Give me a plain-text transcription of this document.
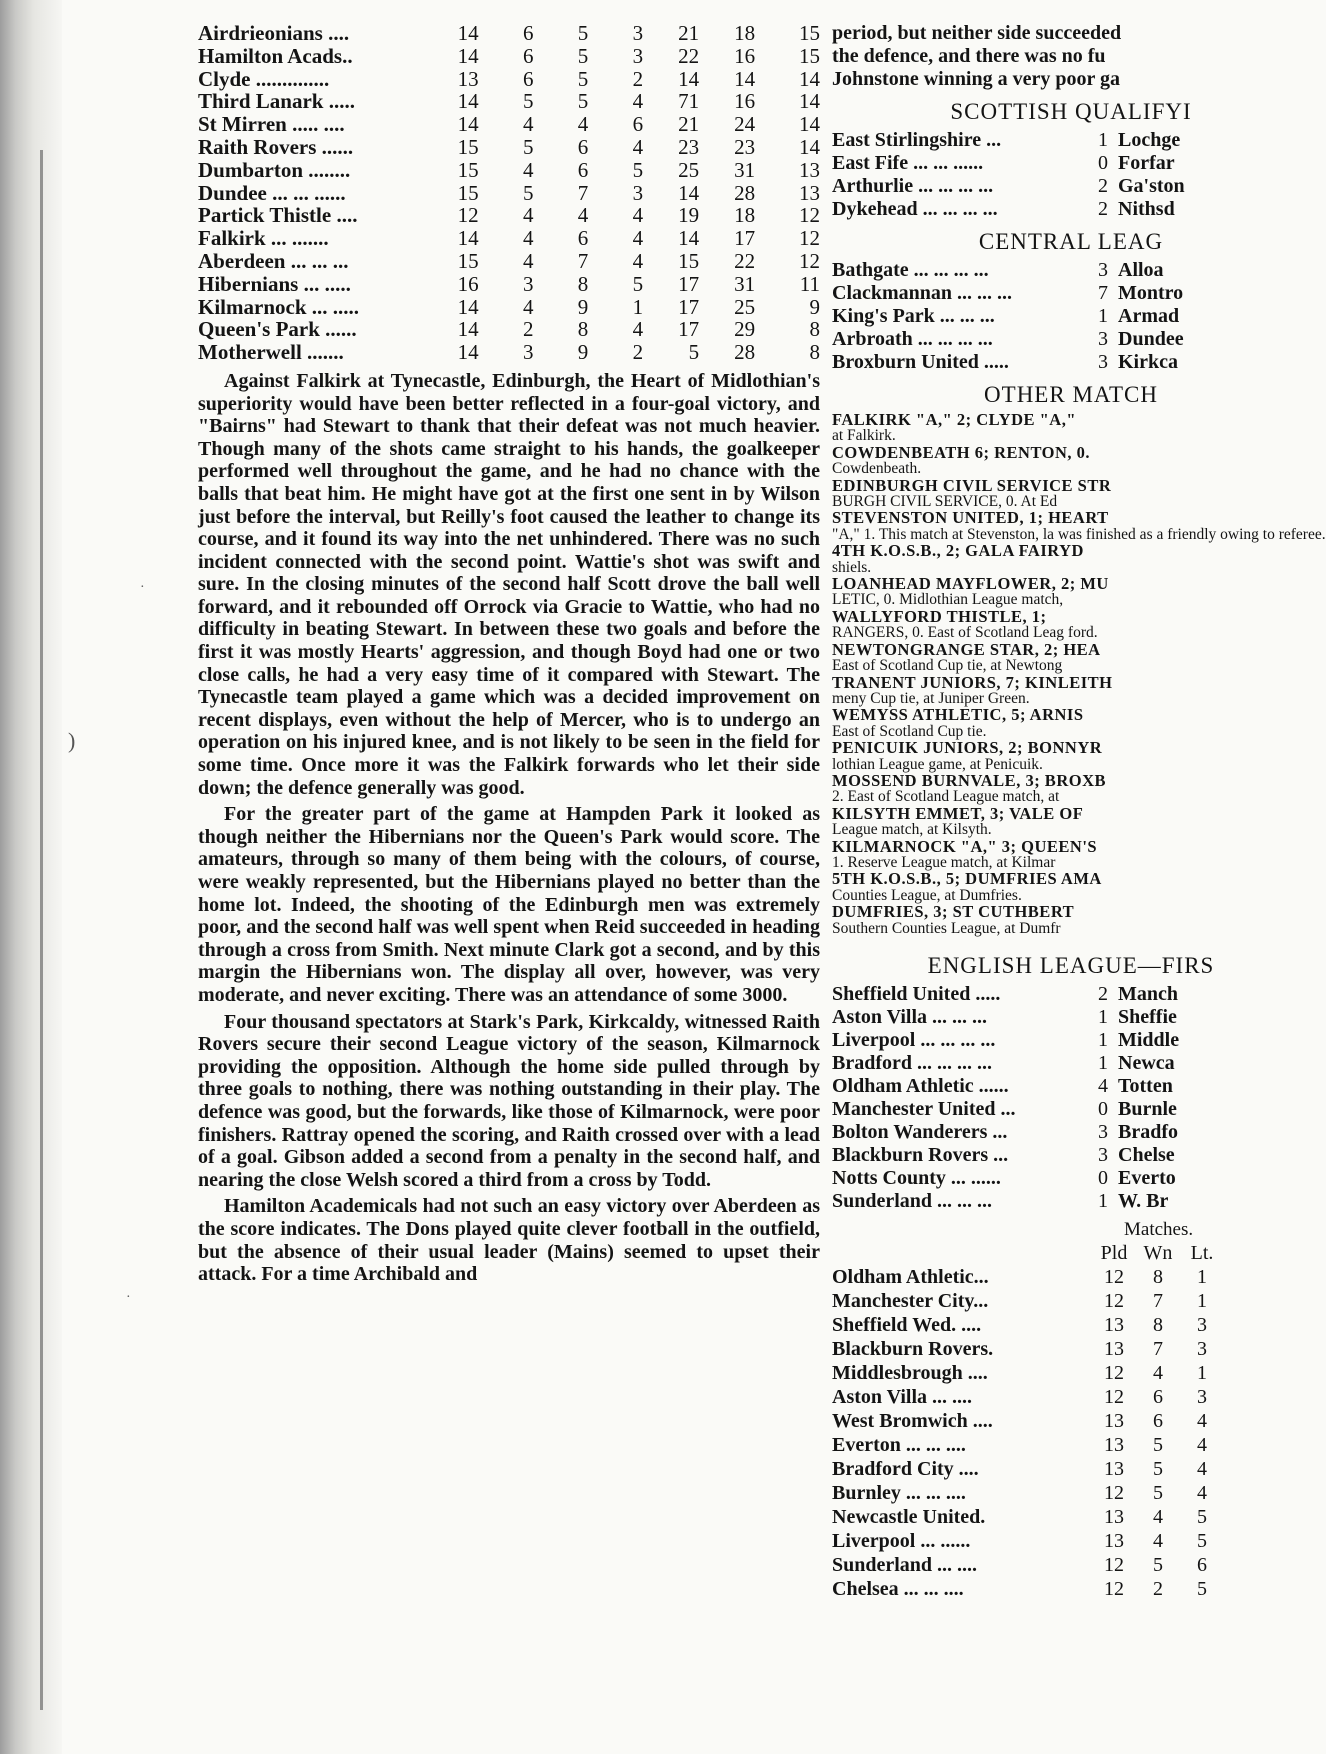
)
·
·
Airdrieonians ....	14	6	5	3	21	18	15
Hamilton Acads..	14	6	5	3	22	16	15
Clyde ..............	13	6	5	2	14	14	14
Third Lanark .....	14	5	5	4	71	16	14
St Mirren ..... ....	14	4	4	6	21	24	14
Raith Rovers ......	15	5	6	4	23	23	14
Dumbarton ........	15	4	6	5	25	31	13
Dundee ... ... ......	15	5	7	3	14	28	13
Partick Thistle ....	12	4	4	4	19	18	12
Falkirk ... .......	14	4	6	4	14	17	12
Aberdeen ... ... ...	15	4	7	4	15	22	12
Hibernians ... .....	16	3	8	5	17	31	11
Kilmarnock ... .....	14	4	9	1	17	25	9
Queen's Park ......	14	2	8	4	17	29	8
Motherwell .......	14	3	9	2	5	28	8

Against Falkirk at Tynecastle, Edinburgh, the Heart of Midlothian's superiority would have been better reflected in a four-goal victory, and "Bairns" had Stewart to thank that their defeat was not much heavier. Though many of the shots came straight to his hands, the goalkeeper performed well throughout the game, and he had no chance with the balls that beat him. He might have got at the first one sent in by Wilson just before the interval, but Reilly's foot caused the leather to change its course, and it found its way into the net unhindered. There was no such incident connected with the second point. Wattie's shot was swift and sure. In the closing minutes of the second half Scott drove the ball well forward, and it rebounded off Orrock via Gracie to Wattie, who had no difficulty in beating Stewart. In between these two goals and before the first it was mostly Hearts' aggression, and though Boyd had one or two close calls, he had a very easy time of it compared with Stewart. The Tynecastle team played a game which was a decided improvement on recent displays, even without the help of Mercer, who is to undergo an operation on his injured knee, and is not likely to be seen in the field for some time. Once more it was the Falkirk forwards who let their side down; the defence generally was good.

For the greater part of the game at Hampden Park it looked as though neither the Hibernians nor the Queen's Park would score. The amateurs, through so many of them being with the colours, of course, were weakly represented, but the Hibernians played no better than the home lot. Indeed, the shooting of the Edinburgh men was extremely poor, and the second half was well spent when Reid succeeded in heading through a cross from Smith. Next minute Clark got a second, and by this margin the Hibernians won. The display all over, however, was very moderate, and never exciting. There was an attendance of some 3000.

Four thousand spectators at Stark's Park, Kirkcaldy, witnessed Raith Rovers secure their second League victory of the season, Kilmarnock providing the opposition. Although the home side pulled through by three goals to nothing, there was nothing outstanding in their play. The defence was good, but the forwards, like those of Kilmarnock, were poor finishers. Rattray opened the scoring, and Raith crossed over with a lead of a goal. Gibson added a second from a penalty in the second half, and nearing the close Welsh scored a third from a cross by Todd.

Hamilton Academicals had not such an easy victory over Aberdeen as the score indicates. The Dons played quite clever football in the outfield, but the absence of their usual leader (Mains) seemed to upset their attack. For a time Archibald and

period, but neither side succeeded
the defence, and there was no fu
Johnstone winning a very poor ga
SCOTTISH QUALIFYI
East Stirlingshire ...	1 Lochge
East Fife ... ... ......	0 Forfar
Arthurlie ... ... ... ...	2 Ga'ston
Dykehead ... ... ... ...	2 Nithsd
CENTRAL LEAG
Bathgate ... ... ... ...	3 Alloa
Clackmannan ... ... ...	7 Montro
King's Park ... ... ...	1 Armad
Arbroath ... ... ... ...	3 Dundee
Broxburn United .....	3 Kirkca
OTHER MATCH
FALKIRK "A," 2; CLYDE "A,"
at Falkirk.
COWDENBEATH 6; RENTON, 0.
Cowdenbeath.
EDINBURGH CIVIL SERVICE STR
BURGH CIVIL SERVICE, 0. At Ed
STEVENSTON UNITED, 1; HEART
"A," 1. This match at Stevenston, la was finished as a friendly owing to referee.
4TH K.O.S.B., 2; GALA FAIRYD
shiels.
LOANHEAD MAYFLOWER, 2; MU
LETIC, 0. Midlothian League match,
WALLYFORD THISTLE, 1;
RANGERS, 0. East of Scotland Leag ford.
NEWTONGRANGE STAR, 2; HEA
East of Scotland Cup tie, at Newtong
TRANENT JUNIORS, 7; KINLEITH
meny Cup tie, at Juniper Green.
WEMYSS ATHLETIC, 5; ARNIS
East of Scotland Cup tie.
PENICUIK JUNIORS, 2; BONNYR
lothian League game, at Penicuik.
MOSSEND BURNVALE, 3; BROXB
2. East of Scotland League match, at
KILSYTH EMMET, 3; VALE OF
League match, at Kilsyth.
KILMARNOCK "A," 3; QUEEN'S
1. Reserve League match, at Kilmar
5TH K.O.S.B., 5; DUMFRIES AMA
Counties League, at Dumfries.
DUMFRIES, 3; ST CUTHBERT
Southern Counties League, at Dumfr
ENGLISH LEAGUE—FIRS
Sheffield United .....	2 Manch
Aston Villa ... ... ...	1 Sheffie
Liverpool ... ... ... ...	1 Middle
Bradford ... ... ... ...	1 Newca
Oldham Athletic ......	4 Totten
Manchester United ...	0 Burnle
Bolton Wanderers ...	3 Bradfo
Blackburn Rovers ...	3 Chelse
Notts County ... ......	0 Everto
Sunderland ... ... ...	1 W. Br
Matches.
Pld Wn Lt.
Oldham Athletic...	12	8	1
Manchester City...	12	7	1
Sheffield Wed. ....	13	8	3
Blackburn Rovers.	13	7	3
Middlesbrough ....	12	4	1
Aston Villa ... ....	12	6	3
West Bromwich ....	13	6	4
Everton ... ... ....	13	5	4
Bradford City ....	13	5	4
Burnley ... ... ....	12	5	4
Newcastle United.	13	4	5
Liverpool ... ......	13	4	5
Sunderland ... ....	12	5	6
Chelsea ... ... ....	12	2	5
